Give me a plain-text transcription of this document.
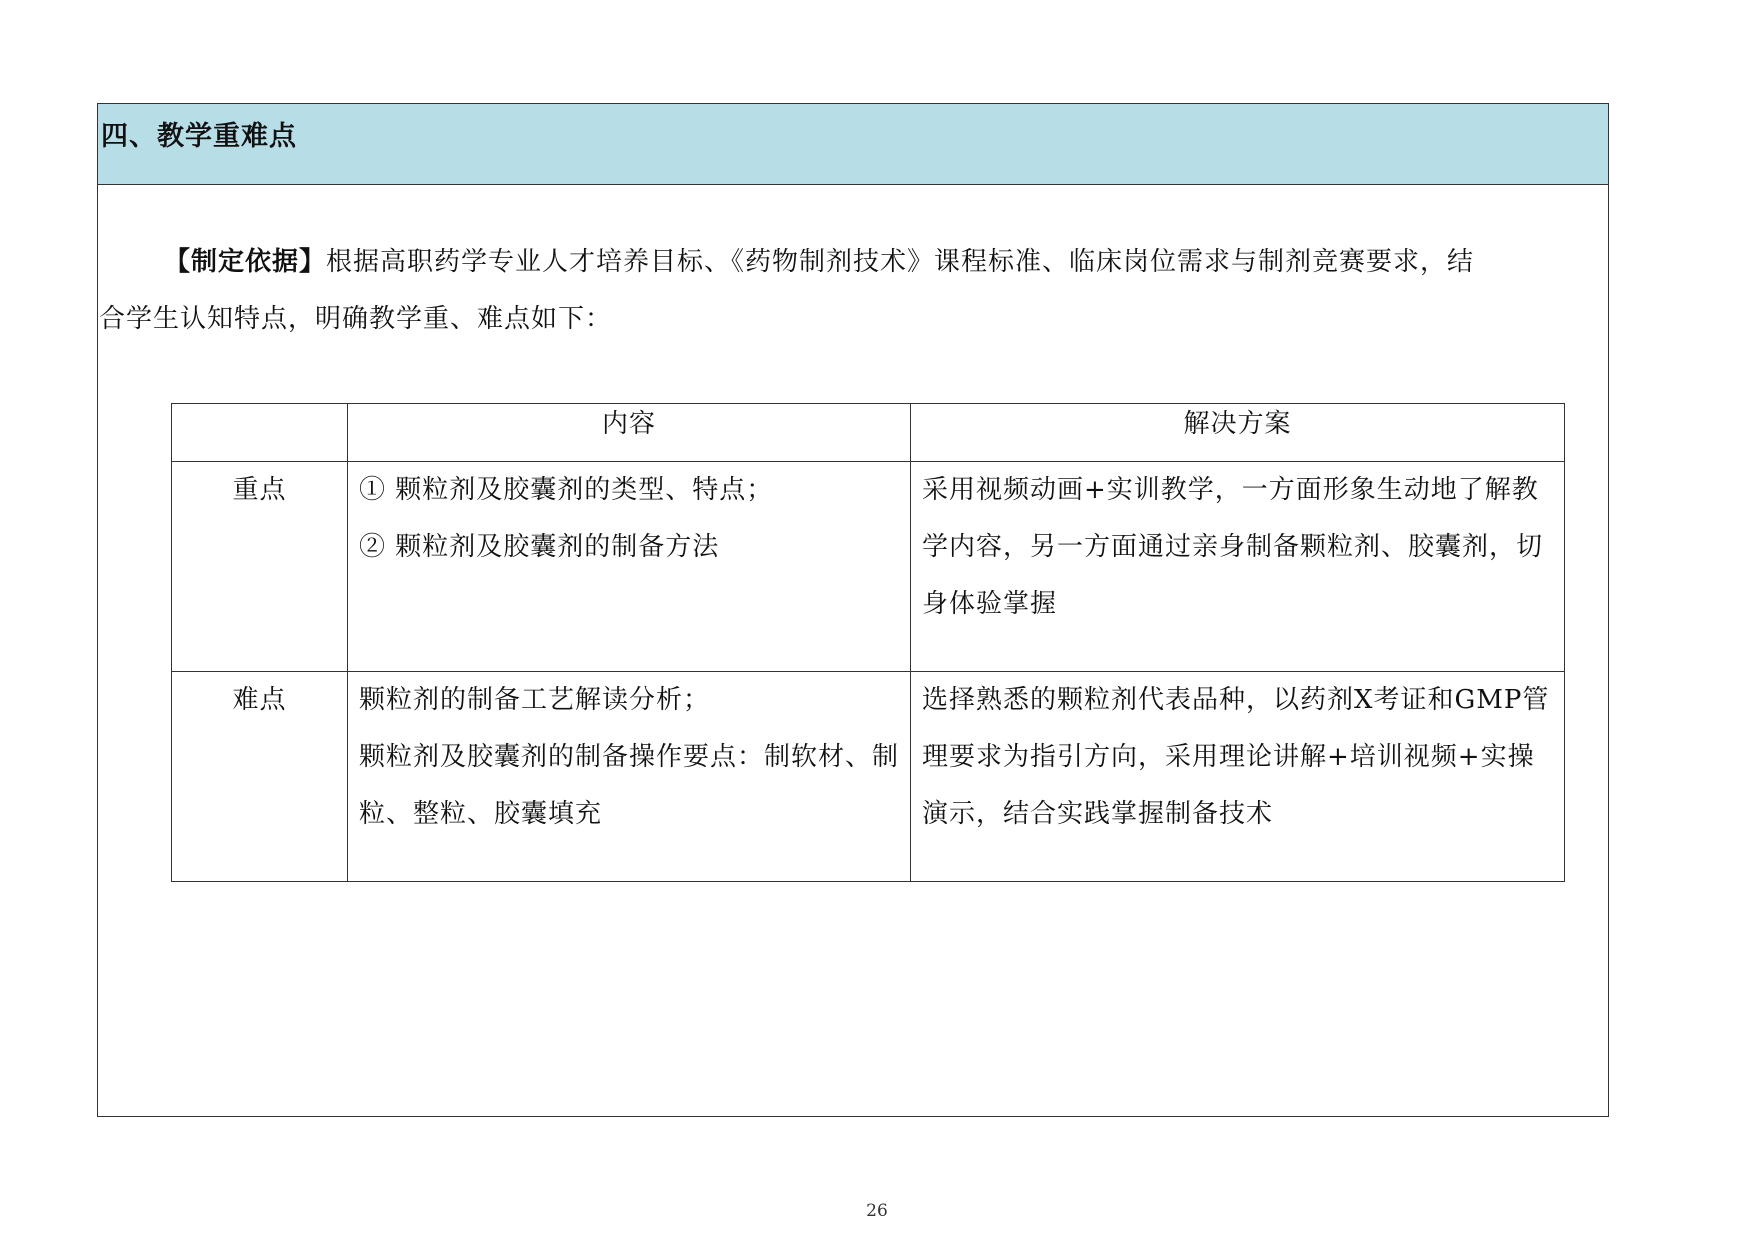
四、教学重难点
【制定依据】根据高职药学专业人才培养目标、《药物制剂技术》课程标准、临床岗位需求与制剂竞赛要求，结
合学生认知特点，明确教学重、难点如下：
	内容	解决方案

重点	① 颗粒剂及胶囊剂的类型、特点；
② 颗粒剂及胶囊剂的制备方法	采用视频动画+实训教学，一方面形象生动地了解教学内容，另一方面通过亲身制备颗粒剂、胶囊剂，切身体验掌握

难点	颗粒剂的制备工艺解读分析；
颗粒剂及胶囊剂的制备操作要点：制软材、制粒、整粒、胶囊填充	选择熟悉的颗粒剂代表品种，以药剂X考证和GMP管理要求为指引方向，采用理论讲解+培训视频+实操演示，结合实践掌握制备技术
26
